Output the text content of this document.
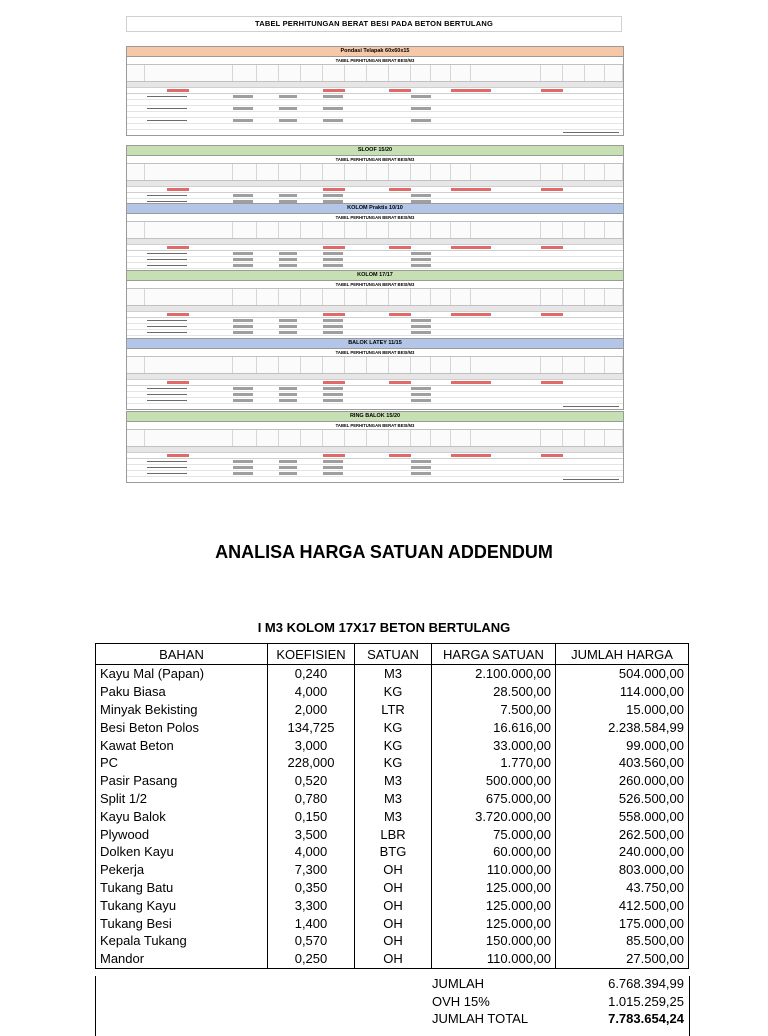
TABEL PERHITUNGAN BERAT BESI PADA BETON BERTULANG
Pondasi Telapak 60x60x15
TABEL PERHITUNGAN BERAT BESI/M3
SLOOF 15/20
TABEL PERHITUNGAN BERAT BESI/M3
KOLOM Praktis 10/10
TABEL PERHITUNGAN BERAT BESI/M3
KOLOM 17/17
TABEL PERHITUNGAN BERAT BESI/M3
BALOK LATEY 11/15
TABEL PERHITUNGAN BERAT BESI/M3
RING BALOK 15/20
TABEL PERHITUNGAN BERAT BESI/M3
ANALISA HARGA SATUAN ADDENDUM
I M3 KOLOM 17X17 BETON BERTULANG
BAHAN	KOEFISIEN	SATUAN	HARGA SATUAN	JUMLAH HARGA
Kayu Mal (Papan)	0,240	M3	2.100.000,00	504.000,00
Paku Biasa	4,000	KG	28.500,00	114.000,00
Minyak Bekisting	2,000	LTR	7.500,00	15.000,00
Besi Beton Polos	134,725	KG	16.616,00	2.238.584,99
Kawat Beton	3,000	KG	33.000,00	99.000,00
PC	228,000	KG	1.770,00	403.560,00
Pasir Pasang	0,520	M3	500.000,00	260.000,00
Split 1/2	0,780	M3	675.000,00	526.500,00
Kayu Balok	0,150	M3	3.720.000,00	558.000,00
Plywood	3,500	LBR	75.000,00	262.500,00
Dolken Kayu	4,000	BTG	60.000,00	240.000,00
Pekerja	7,300	OH	110.000,00	803.000,00
Tukang Batu	0,350	OH	125.000,00	43.750,00
Tukang Kayu	3,300	OH	125.000,00	412.500,00
Tukang Besi	1,400	OH	125.000,00	175.000,00
Kepala Tukang	0,570	OH	150.000,00	85.500,00
Mandor	0,250	OH	110.000,00	27.500,00
JUMLAH	6.768.394,99
OVH 15%	1.015.259,25
JUMLAH TOTAL	7.783.654,24
